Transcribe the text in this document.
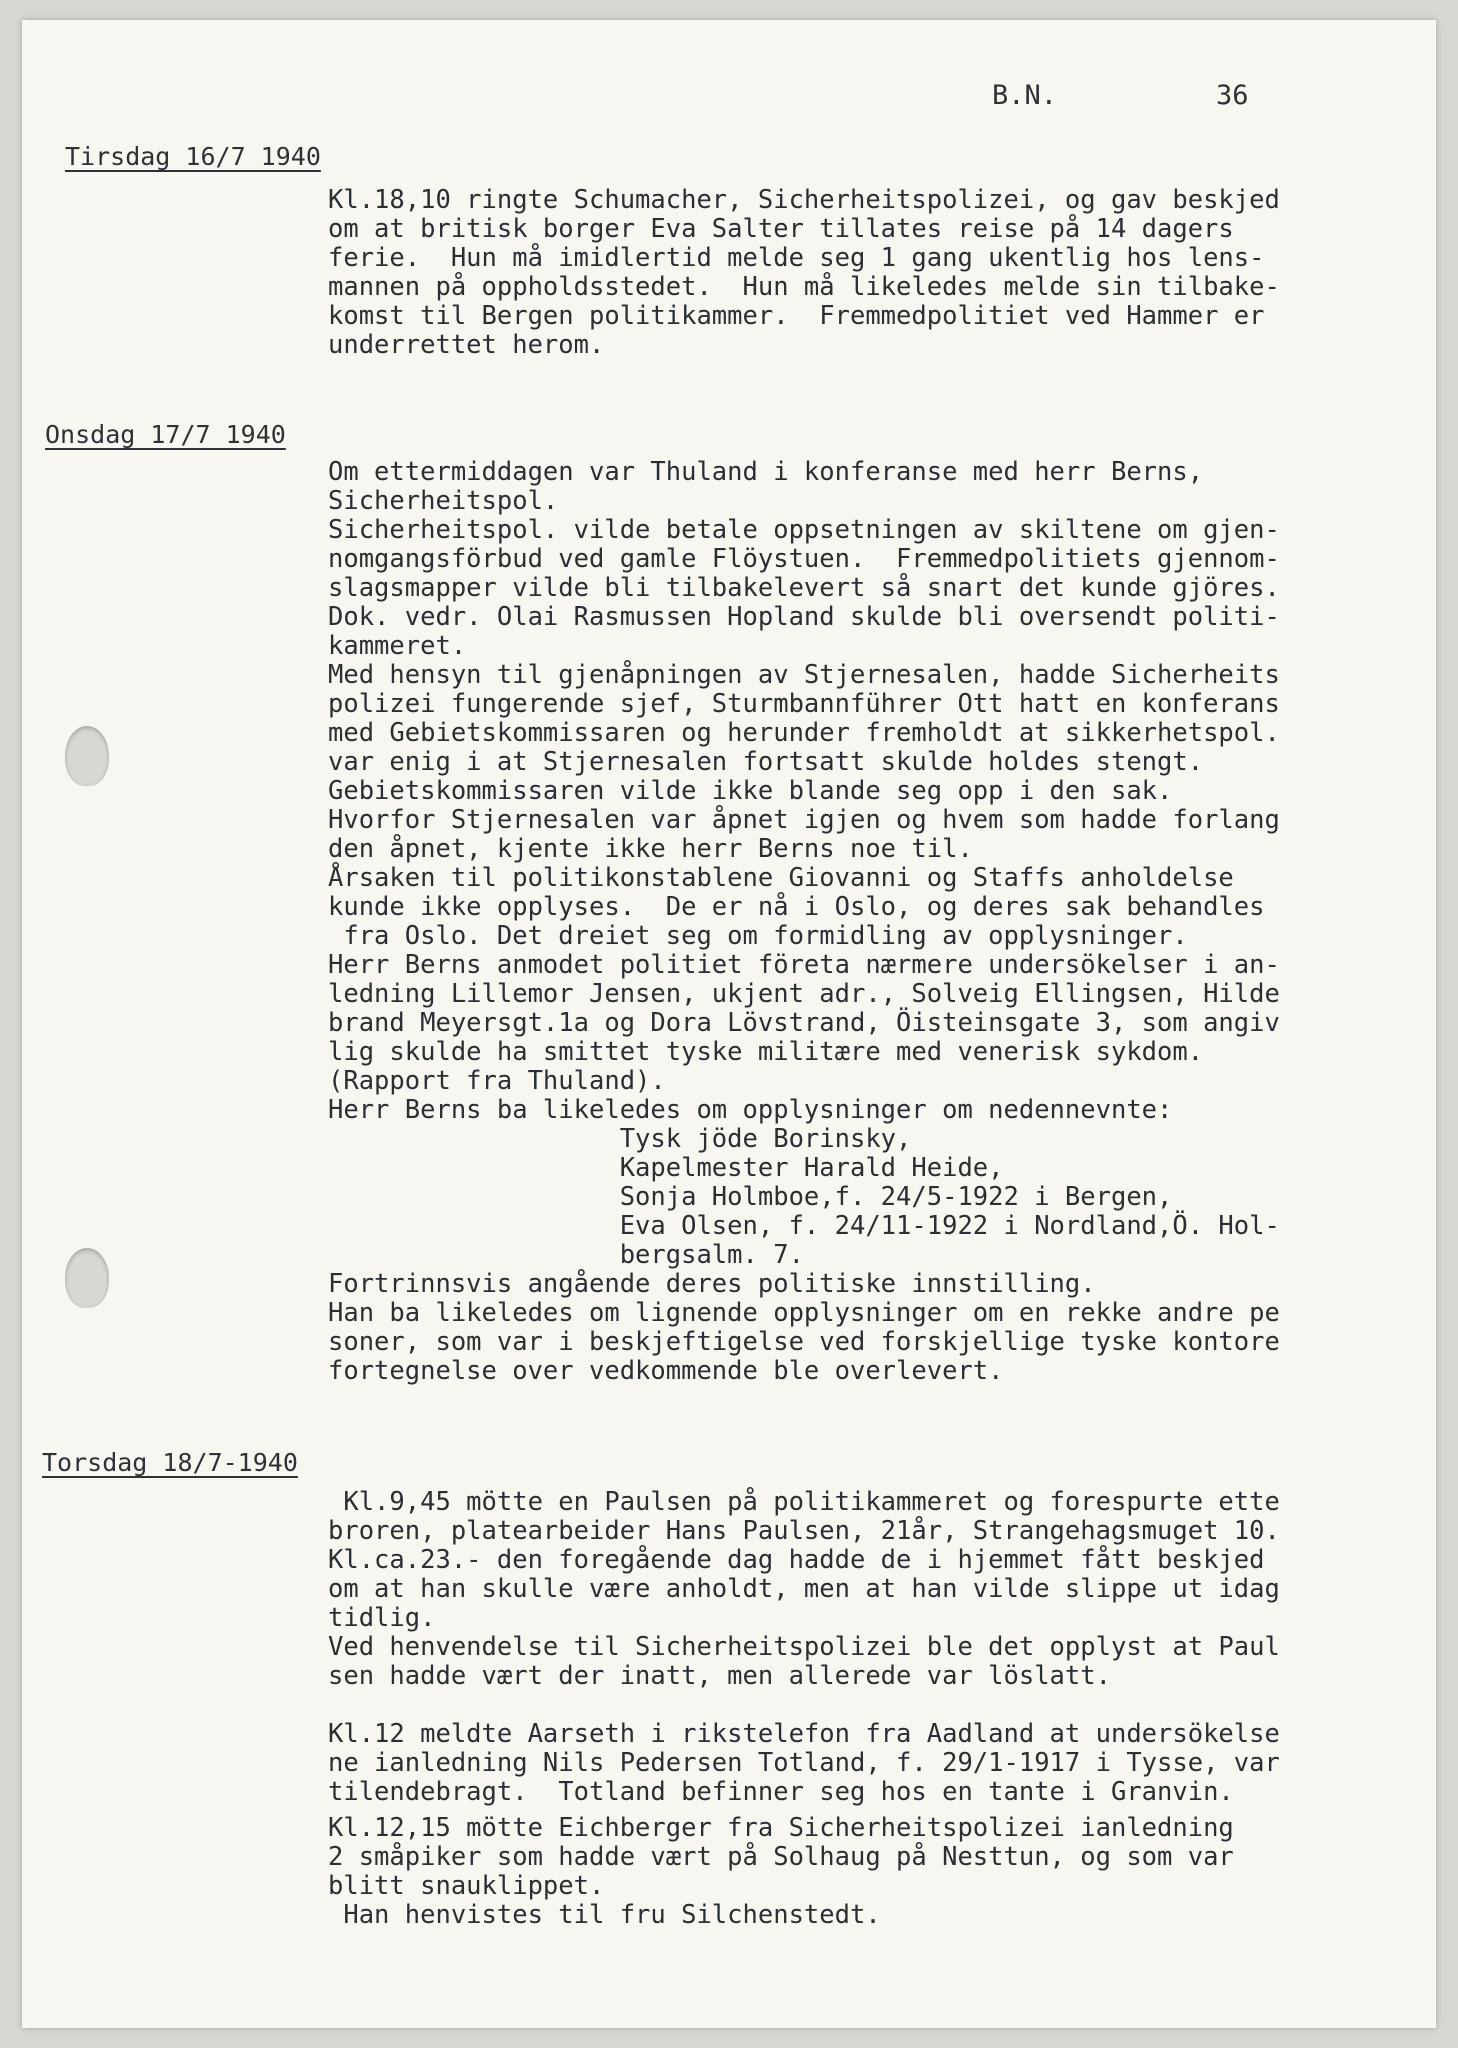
B.N.	36
Tirsdag 16/7 1940
Kl.18,10 ringte Schumacher, Sicherheitspolizei, og gav beskjed
om at britisk borger Eva Salter tillates reise på 14 dagers
ferie.  Hun må imidlertid melde seg 1 gang ukentlig hos lens-
mannen på oppholdsstedet.  Hun må likeledes melde sin tilbake-
komst til Bergen politikammer.  Fremmedpolitiet ved Hammer er
underrettet herom.
Onsdag 17/7 1940
Om ettermiddagen var Thuland i konferanse med herr Berns,
Sicherheitspol.
Sicherheitspol. vilde betale oppsetningen av skiltene om gjen-
nomgangsförbud ved gamle Flöystuen.  Fremmedpolitiets gjennom-
slagsmapper vilde bli tilbakelevert så snart det kunde gjöres.
Dok. vedr. Olai Rasmussen Hopland skulde bli oversendt politi-
kammeret.
Med hensyn til gjenåpningen av Stjernesalen, hadde Sicherheits
polizei fungerende sjef, Sturmbannführer Ott hatt en konferans
med Gebietskommissaren og herunder fremholdt at sikkerhetspol.
var enig i at Stjernesalen fortsatt skulde holdes stengt.
Gebietskommissaren vilde ikke blande seg opp i den sak.
Hvorfor Stjernesalen var åpnet igjen og hvem som hadde forlang
den åpnet, kjente ikke herr Berns noe til.
Årsaken til politikonstablene Giovanni og Staffs anholdelse
kunde ikke opplyses.  De er nå i Oslo, og deres sak behandles
fra Oslo. Det dreiet seg om formidling av opplysninger.
Herr Berns anmodet politiet företa nærmere undersökelser i an-
ledning Lillemor Jensen, ukjent adr., Solveig Ellingsen, Hilde
brand Meyersgt.1a og Dora Lövstrand, Öisteinsgate 3, som angiv
lig skulde ha smittet tyske militære med venerisk sykdom.
(Rapport fra Thuland).
Herr Berns ba likeledes om opplysninger om nedennevnte:
Tysk jöde Borinsky,
Kapelmester Harald Heide,
Sonja Holmboe,f. 24/5-1922 i Bergen,
Eva Olsen, f. 24/11-1922 i Nordland,Ö. Hol-
bergsalm. 7.
Fortrinnsvis angående deres politiske innstilling.
Han ba likeledes om lignende opplysninger om en rekke andre pe
soner, som var i beskjeftigelse ved forskjellige tyske kontore
fortegnelse over vedkommende ble overlevert.
Torsdag 18/7-1940
Kl.9,45 mötte en Paulsen på politikammeret og forespurte ette
broren, platearbeider Hans Paulsen, 21år, Strangehagsmuget 10.
Kl.ca.23.- den foregående dag hadde de i hjemmet fått beskjed
om at han skulle være anholdt, men at han vilde slippe ut idag
tidlig.
Ved henvendelse til Sicherheitspolizei ble det opplyst at Paul
sen hadde vært der inatt, men allerede var löslatt.
Kl.12 meldte Aarseth i rikstelefon fra Aadland at undersökelse
ne ianledning Nils Pedersen Totland, f. 29/1-1917 i Tysse, var
tilendebragt.  Totland befinner seg hos en tante i Granvin.
Kl.12,15 mötte Eichberger fra Sicherheitspolizei ianledning
2 småpiker som hadde vært på Solhaug på Nesttun, og som var
blitt snauklippet.
Han henvistes til fru Silchenstedt.
